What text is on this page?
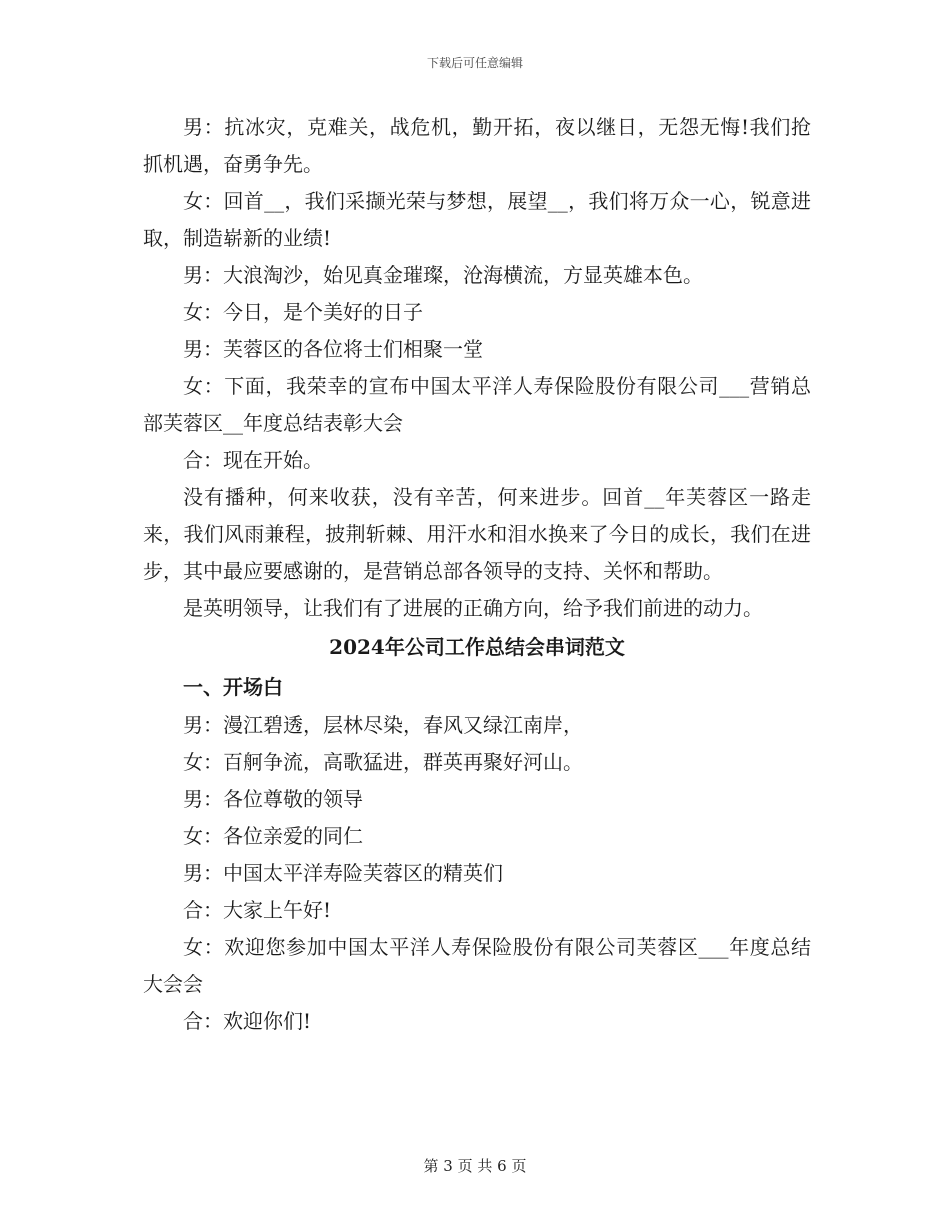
下载后可任意编辑

男：抗冰灾，克难关，战危机，勤开拓，夜以继日，无怨无悔!我们抢抓机遇，奋勇争先。

女：回首__，我们采撷光荣与梦想，展望__，我们将万众一心，锐意进取，制造崭新的业绩!

男：大浪淘沙，始见真金璀璨，沧海横流，方显英雄本色。

女：今日，是个美好的日子

男：芙蓉区的各位将士们相聚一堂

女：下面，我荣幸的宣布中国太平洋人寿保险股份有限公司___营销总部芙蓉区__年度总结表彰大会

合：现在开始。

没有播种，何来收获，没有辛苦，何来进步。回首__年芙蓉区一路走来，我们风雨兼程，披荆斩棘、用汗水和泪水换来了今日的成长，我们在进步，其中最应要感谢的，是营销总部各领导的支持、关怀和帮助。

是英明领导，让我们有了进展的正确方向，给予我们前进的动力。

2024年公司工作总结会串词范文
一、开场白

男：漫江碧透，层林尽染，春风又绿江南岸，

女：百舸争流，高歌猛进，群英再聚好河山。

男：各位尊敬的领导

女：各位亲爱的同仁

男：中国太平洋寿险芙蓉区的精英们

合：大家上午好!

女：欢迎您参加中国太平洋人寿保险股份有限公司芙蓉区___年度总结大会会

合：欢迎你们!

第 3 页 共 6 页
